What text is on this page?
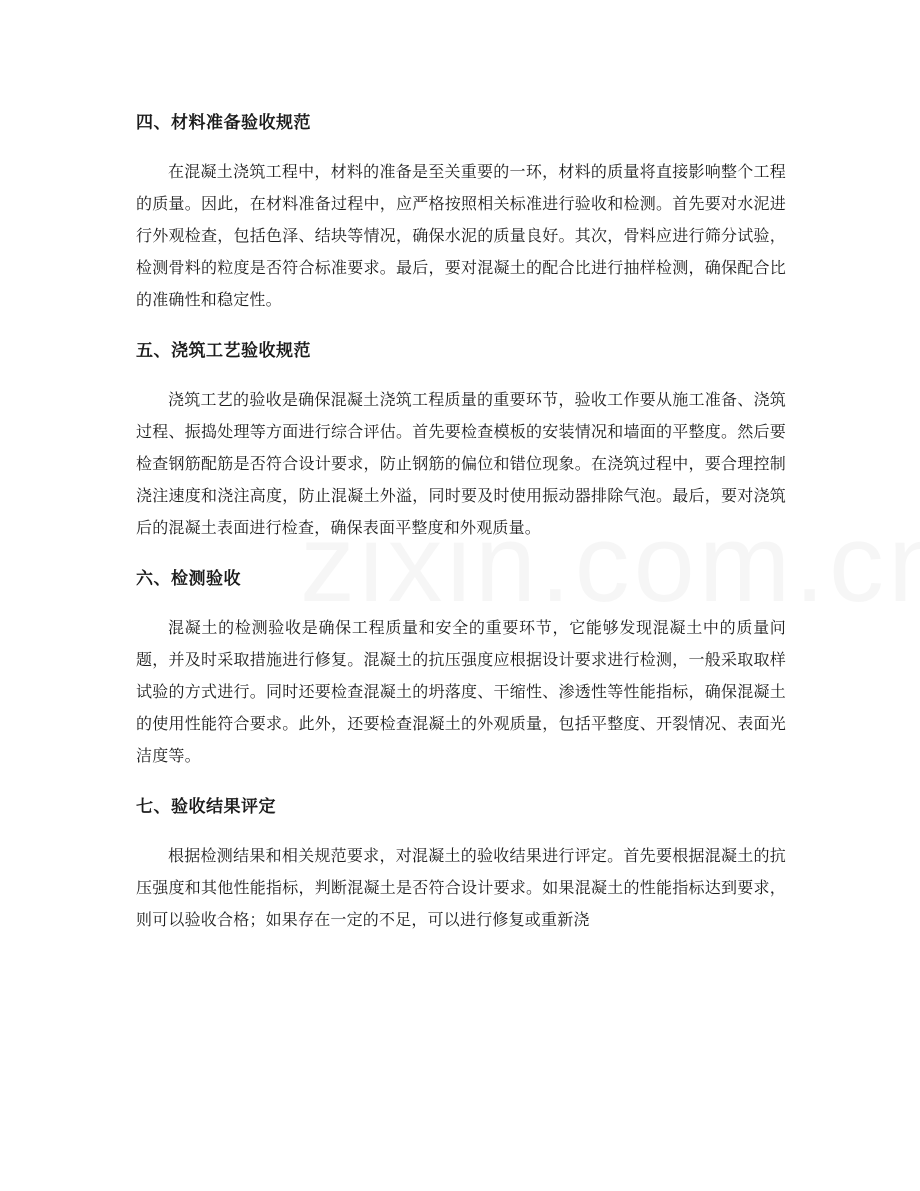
四、材料准备验收规范

在混凝土浇筑工程中，材料的准备是至关重要的一环，材料的质量将直接影响整个工程的质量。因此，在材料准备过程中，应严格按照相关标准进行验收和检测。首先要对水泥进行外观检查，包括色泽、结块等情况，确保水泥的质量良好。其次，骨料应进行筛分试验，检测骨料的粒度是否符合标准要求。最后，要对混凝土的配合比进行抽样检测，确保配合比的准确性和稳定性。

五、浇筑工艺验收规范

浇筑工艺的验收是确保混凝土浇筑工程质量的重要环节，验收工作要从施工准备、浇筑过程、振捣处理等方面进行综合评估。首先要检查模板的安装情况和墙面的平整度。然后要检查钢筋配筋是否符合设计要求，防止钢筋的偏位和错位现象。在浇筑过程中，要合理控制浇注速度和浇注高度，防止混凝土外溢，同时要及时使用振动器排除气泡。最后，要对浇筑后的混凝土表面进行检查，确保表面平整度和外观质量。

六、检测验收

混凝土的检测验收是确保工程质量和安全的重要环节，它能够发现混凝土中的质量问题，并及时采取措施进行修复。混凝土的抗压强度应根据设计要求进行检测，一般采取取样试验的方式进行。同时还要检查混凝土的坍落度、干缩性、渗透性等性能指标，确保混凝土的使用性能符合要求。此外，还要检查混凝土的外观质量，包括平整度、开裂情况、表面光洁度等。

七、验收结果评定

根据检测结果和相关规范要求，对混凝土的验收结果进行评定。首先要根据混凝土的抗压强度和其他性能指标，判断混凝土是否符合设计要求。如果混凝土的性能指标达到要求，则可以验收合格；如果存在一定的不足，可以进行修复或重新浇
